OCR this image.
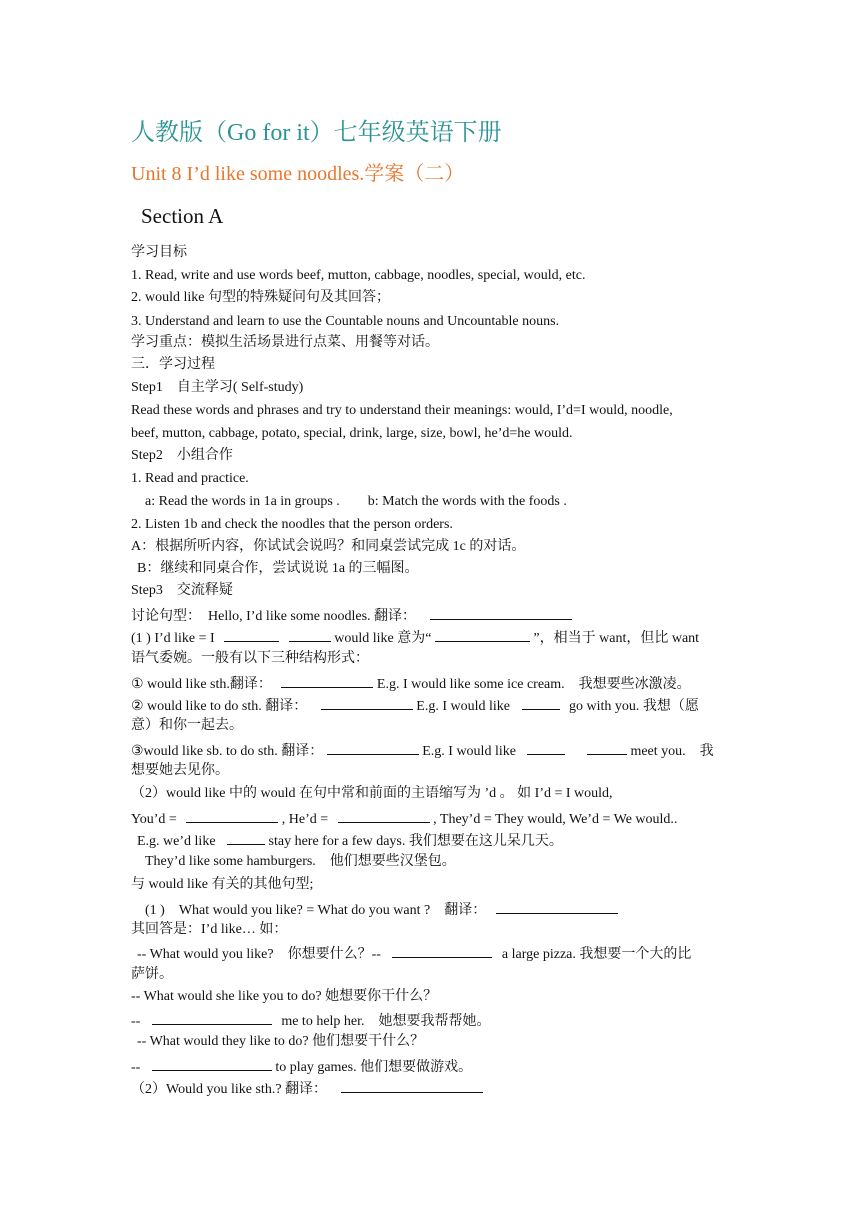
人教版（Go for it）七年级英语下册
Unit 8 I’d like some noodles.学案（二）
Section A
学习目标
1. Read, write and use words beef, mutton, cabbage, noodles, special, would, etc.
2. would like 句型的特殊疑问句及其回答；
3. Understand and learn to use the Countable nouns and Uncountable nouns.
学习重点：模拟生活场景进行点菜、用餐等对话。
三．学习过程
Step1　自主学习( Self-study)
Read these words and phrases and try to understand their meanings: would, I’d=I would, noodle,
beef, mutton, cabbage, potato, special, drink, large, size, bowl, he’d=he would.
Step2　小组合作
1. Read and practice.
a: Read the words in 1a in groups .　　b: Match the words with the foods .
2. Listen 1b and check the noodles that the person orders.
A：根据所听内容，你试试会说吗？和同桌尝试完成 1c 的对话。
B：继续和同桌合作，尝试说说 1a 的三幅图。
Step3　交流释疑
讨论句型：　Hello, I’d like some noodles. 翻译：
(1 ) I’d like = I	would like 意为“	”，相当于 want，但比 want
语气委婉。一般有以下三种结构形式：
① would like sth.翻译：	E.g. I would like some ice cream.　我想要些冰激凌。
② would like to do sth. 翻译：	E.g. I would like	go with you. 我想（愿
意）和你一起去。
③would like sb. to do sth. 翻译：	E.g. I would like	meet you.　我
想要她去见你。
（2）would like 中的 would 在句中常和前面的主语缩写为 ’d 。 如 I’d = I would,
You’d =	, He’d =	, They’d = They would, We’d = We would..
E.g. we’d like	stay here for a few days. 我们想要在这儿呆几天。
They’d like some hamburgers.　他们想要些汉堡包。
与 would like 有关的其他句型;
(1 )　What would you like? = What do you want ?　翻译：
其回答是：I’d like… 如：
-- What would you like?　你想要什么？--	a large pizza. 我想要一个大的比
萨饼。
-- What would she like you to do? 她想要你干什么？
--	me to help her.　她想要我帮帮她。
-- What would they like to do? 他们想要干什么？
--	to play games. 他们想要做游戏。
（2）Would you like sth.? 翻译：
